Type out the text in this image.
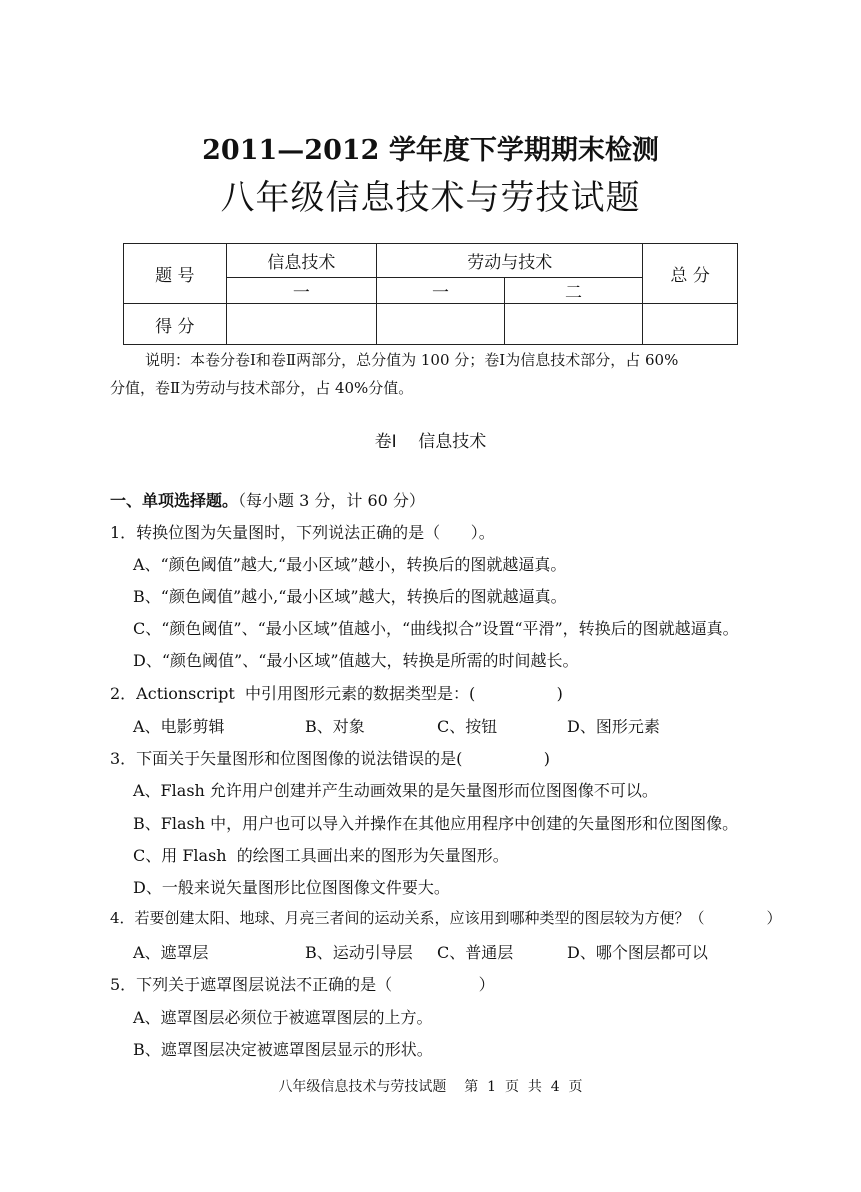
2011—2012 学年度下学期期末检测
八年级信息技术与劳技试题
题 号	信息技术	劳动与技术		总 分
	一	一	二	
得 分				
说明：本卷分卷Ⅰ和卷Ⅱ两部分，总分值为 100 分；卷Ⅰ为信息技术部分，占 60%
分值，卷Ⅱ为劳动与技术部分，占 40%分值。
卷Ⅰ    信息技术
一、单项选择题。（每小题 3 分，计 60 分）
1．转换位图为矢量图时，下列说法正确的是（      ）。
A、“颜色阈值”越大,“最小区域”越小，转换后的图就越逼真。
B、“颜色阈值”越小,“最小区域”越大，转换后的图就越逼真。
C、“颜色阈值”、“最小区域”值越小，“曲线拟合”设置“平滑”，转换后的图就越逼真。
D、“颜色阈值”、“最小区域”值越大，转换是所需的时间越长。
2．Actionscript  中引用图形元素的数据类型是：(                )
A、电影剪辑	B、对象	C、按钮	D、图形元素
3．下面关于矢量图形和位图图像的说法错误的是(                )
A、Flash 允许用户创建并产生动画效果的是矢量图形而位图图像不可以。
B、Flash 中，用户也可以导入并操作在其他应用程序中创建的矢量图形和位图图像。
C、用 Flash  的绘图工具画出来的图形为矢量图形。
D、一般来说矢量图形比位图图像文件要大。
4．若要创建太阳、地球、月亮三者间的运动关系，应该用到哪种类型的图层较为方便？（             ）
A、遮罩层	B、运动引导层 C、普通层	D、哪个图层都可以
5．下列关于遮罩图层说法不正确的是（                 ）
A、遮罩图层必须位于被遮罩图层的上方。
B、遮罩图层决定被遮罩图层显示的形状。
八年级信息技术与劳技试题    第  1  页  共  4  页
